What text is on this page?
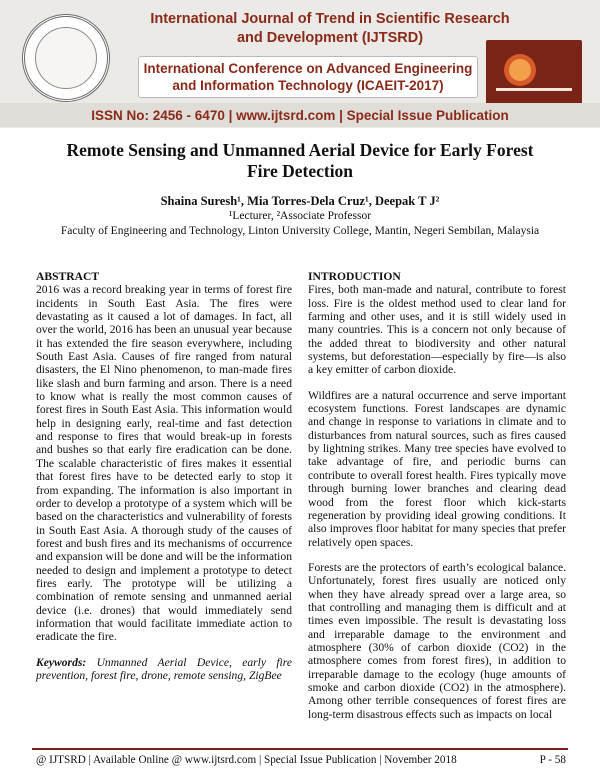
International Journal of Trend in Scientific Research and Development (IJTSRD)
International Conference on Advanced Engineering and Information Technology (ICAEIT-2017)
ISSN No: 2456 - 6470 | www.ijtsrd.com | Special Issue Publication
Remote Sensing and Unmanned Aerial Device for Early Forest Fire Detection
Shaina Suresh¹, Mia Torres-Dela Cruz¹, Deepak T J²
¹Lecturer, ²Associate Professor
Faculty of Engineering and Technology, Linton University College, Mantin, Negeri Sembilan, Malaysia
ABSTRACT
2016 was a record breaking year in terms of forest fire incidents in South East Asia. The fires were devastating as it caused a lot of damages. In fact, all over the world, 2016 has been an unusual year because it has extended the fire season everywhere, including South East Asia. Causes of fire ranged from natural disasters, the El Nino phenomenon, to man-made fires like slash and burn farming and arson. There is a need to know what is really the most common causes of forest fires in South East Asia. This information would help in designing early, real-time and fast detection and response to fires that would break-up in forests and bushes so that early fire eradication can be done. The scalable characteristic of fires makes it essential that forest fires have to be detected early to stop it from expanding. The information is also important in order to develop a prototype of a system which will be based on the characteristics and vulnerability of forests in South East Asia. A thorough study of the causes of forest and bush fires and its mechanisms of occurrence and expansion will be done and will be the information needed to design and implement a prototype to detect fires early. The prototype will be utilizing a combination of remote sensing and unmanned aerial device (i.e. drones) that would immediately send information that would facilitate immediate action to eradicate the fire.
Keywords: Unmanned Aerial Device, early fire prevention, forest fire, drone, remote sensing, ZigBee
INTRODUCTION
Fires, both man-made and natural, contribute to forest loss. Fire is the oldest method used to clear land for farming and other uses, and it is still widely used in many countries. This is a concern not only because of the added threat to biodiversity and other natural systems, but deforestation—especially by fire—is also a key emitter of carbon dioxide.
Wildfires are a natural occurrence and serve important ecosystem functions. Forest landscapes are dynamic and change in response to variations in climate and to disturbances from natural sources, such as fires caused by lightning strikes. Many tree species have evolved to take advantage of fire, and periodic burns can contribute to overall forest health. Fires typically move through burning lower branches and clearing dead wood from the forest floor which kick-starts regeneration by providing ideal growing conditions. It also improves floor habitat for many species that prefer relatively open spaces.
Forests are the protectors of earth’s ecological balance. Unfortunately, forest fires usually are noticed only when they have already spread over a large area, so that controlling and managing them is difficult and at times even impossible. The result is devastating loss and irreparable damage to the environment and atmosphere (30% of carbon dioxide (CO2) in the atmosphere comes from forest fires), in addition to irreparable damage to the ecology (huge amounts of smoke and carbon dioxide (CO2) in the atmosphere). Among other terrible consequences of forest fires are long-term disastrous effects such as impacts on local
@ IJTSRD | Available Online @ www.ijtsrd.com | Special Issue Publication | November 2018	P - 58
